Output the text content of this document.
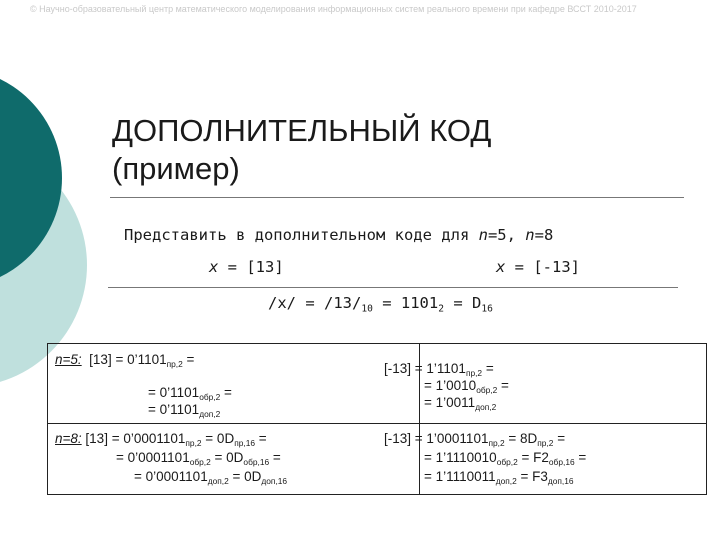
© Научно-образовательный центр математического моделирования информационных систем реального времени при кафедре ВССТ 2010-2017
ДОПОЛНИТЕЛЬНЫЙ КОД
(пример)
Представить в дополнительном коде для n=5, n=8
x = [13]	x = [-13]
$/x/ = /13/_{10} = 1101_2 = D_{16}$
n=5: $[13] = 0’1101_{пр,2}$ =
= $0’1101_{обр,2}$ =
= $0’1101_{доп,2}$
$[-13] = 1’1101_{пр,2}$ =
= $1’0010_{обр,2}$ =
= $1’0011_{доп,2}$
n=8: $[13] = 0’0001101_{пр,2} = 0D_{пр,16}$ =
= $0’0001101_{обр,2} = 0D_{обр,16}$ =
= $0’0001101_{доп,2} = 0D_{доп,16}$
$[-13] = 1’0001101_{пр,2} = 8D_{пр,2}$ =
= $1’1110010_{обр,2} = F2_{обр,16}$ =
= $1’1110011_{доп,2} = F3_{доп,16}$
